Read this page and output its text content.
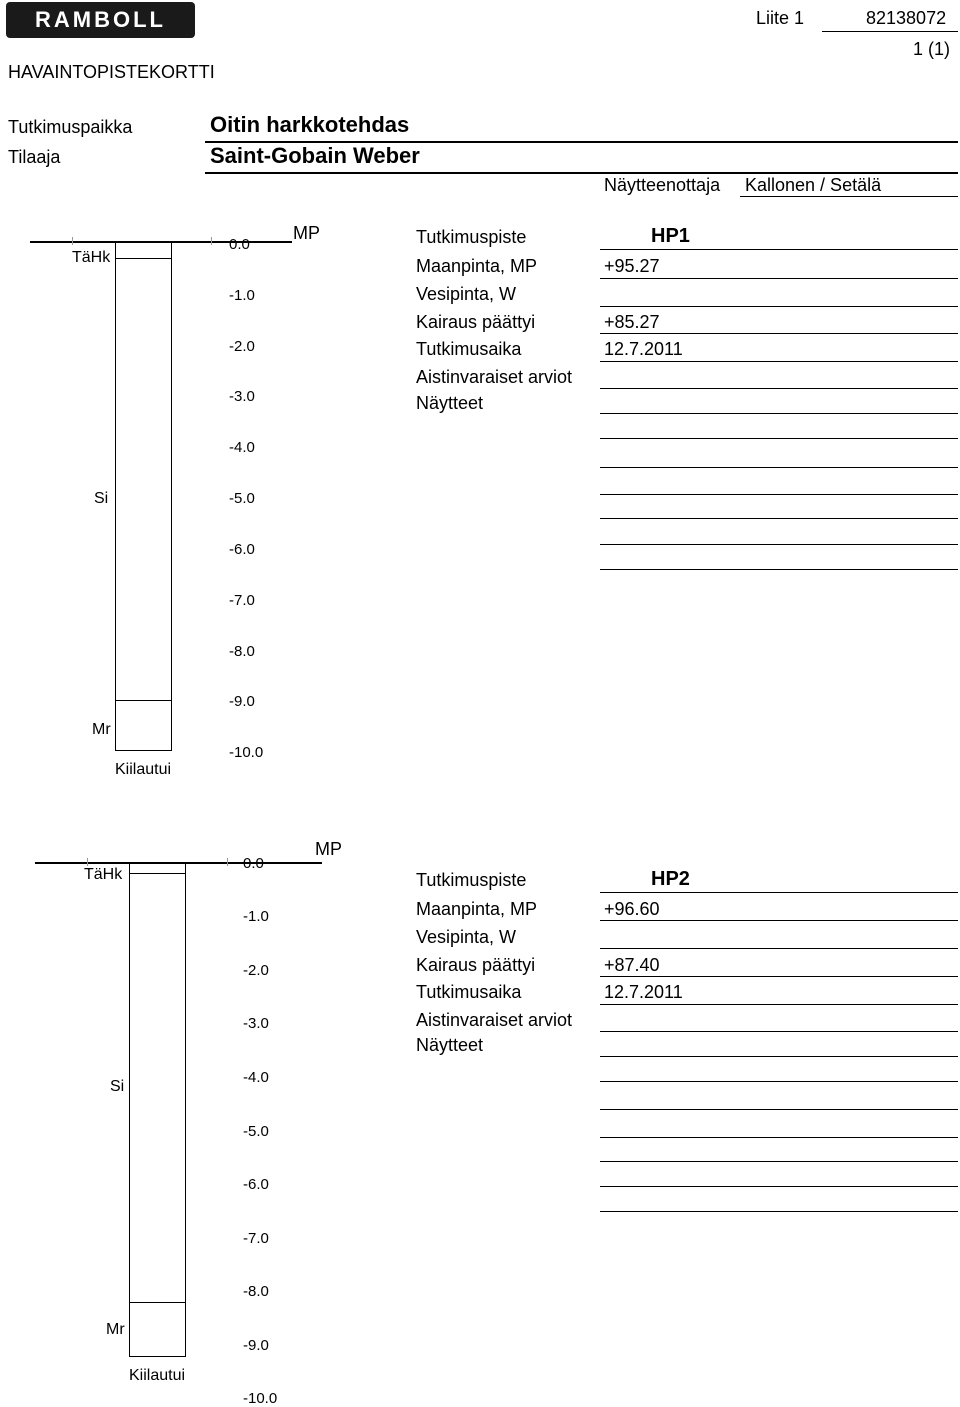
RAMBOLL	Liite 1	82138072
1 (1)
HAVAINTOPISTEKORTTI
Tutkimuspaikka	Oitin harkkotehdas
Tilaaja	Saint-Gobain Weber
Näytteenottaja Kallonen / Setälä
TäHk
Si
Mr
Kiilautui
MP
0.0
-1.0
-2.0
-3.0
-4.0
-5.0
-6.0
-7.0
-8.0
-9.0
-10.0
Tutkimuspiste	HP1
Maanpinta, MP	+95.27
Vesipinta, W
Kairaus päättyi	+85.27
Tutkimusaika	12.7.2011
Aistinvaraiset arviot
Näytteet
TäHk
Si
Mr
Kiilautui
MP
0.0
-1.0
-2.0
-3.0
-4.0
-5.0
-6.0
-7.0
-8.0
-9.0
-10.0
Tutkimuspiste	HP2
Maanpinta, MP	+96.60
Vesipinta, W
Kairaus päättyi	+87.40
Tutkimusaika	12.7.2011
Aistinvaraiset arviot
Näytteet
